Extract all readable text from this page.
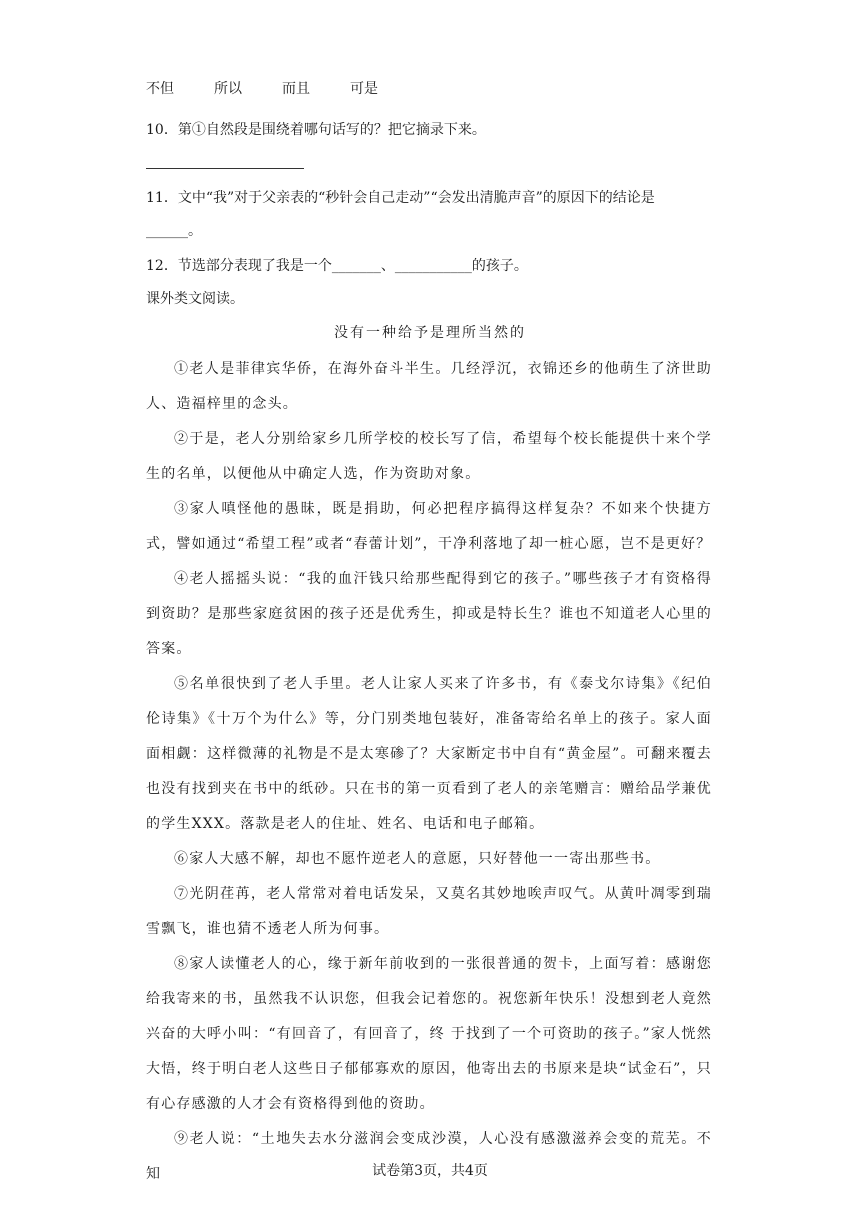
不但	所以	而且	可是
10．第①自然段是围绕着哪句话写的？把它摘录下来。
11．文中“我”对于父亲表的“秒针会自己走动”“会发出清脆声音”的原因下的结论是
______。
12．节选部分表现了我是一个_______、___________的孩子。
课外类文阅读。
没有一种给予是理所当然的

①老人是菲律宾华侨，在海外奋斗半生。几经浮沉，衣锦还乡的他萌生了济世助人、造福梓里的念头。

②于是，老人分别给家乡几所学校的校长写了信，希望每个校长能提供十来个学生的名单，以便他从中确定人选，作为资助对象。

③家人嗔怪他的愚昧，既是捐助，何必把程序搞得这样复杂？不如来个快捷方式，譬如通过“希望工程”或者“春蕾计划”，干净利落地了却一桩心愿，岂不是更好？

④老人摇摇头说：“我的血汗钱只给那些配得到它的孩子。”哪些孩子才有资格得到资助？是那些家庭贫困的孩子还是优秀生，抑或是特长生？谁也不知道老人心里的答案。

⑤名单很快到了老人手里。老人让家人买来了许多书，有《泰戈尔诗集》《纪伯伦诗集》《十万个为什么》等，分门别类地包装好，准备寄给名单上的孩子。家人面面相觑：这样微薄的礼物是不是太寒碜了？大家断定书中自有“黄金屋”。可翻来覆去也没有找到夹在书中的纸砂。只在书的第一页看到了老人的亲笔赠言：赠给品学兼优的学生XXX。落款是老人的住址、姓名、电话和电子邮箱。

⑥家人大感不解，却也不愿忤逆老人的意愿，只好替他一一寄出那些书。

⑦光阴荏苒，老人常常对着电话发呆，又莫名其妙地唉声叹气。从黄叶凋零到瑞雪飘飞，谁也猜不透老人所为何事。

⑧家人读懂老人的心，缘于新年前收到的一张很普通的贺卡，上面写着：感谢您给我寄来的书，虽然我不认识您，但我会记着您的。祝您新年快乐！没想到老人竟然兴奋的大呼小叫：“有回音了，有回音了，终 于找到了一个可资助的孩子。”家人恍然大悟，终于明白老人这些日子郁郁寡欢的原因，他寄出去的书原来是块“试金石”，只有心存感激的人才会有资格得到他的资助。

⑨老人说：“土地失去水分滋润会变成沙漠，人心没有感激滋养会变的荒芜。不知	试卷第3页，共4页
